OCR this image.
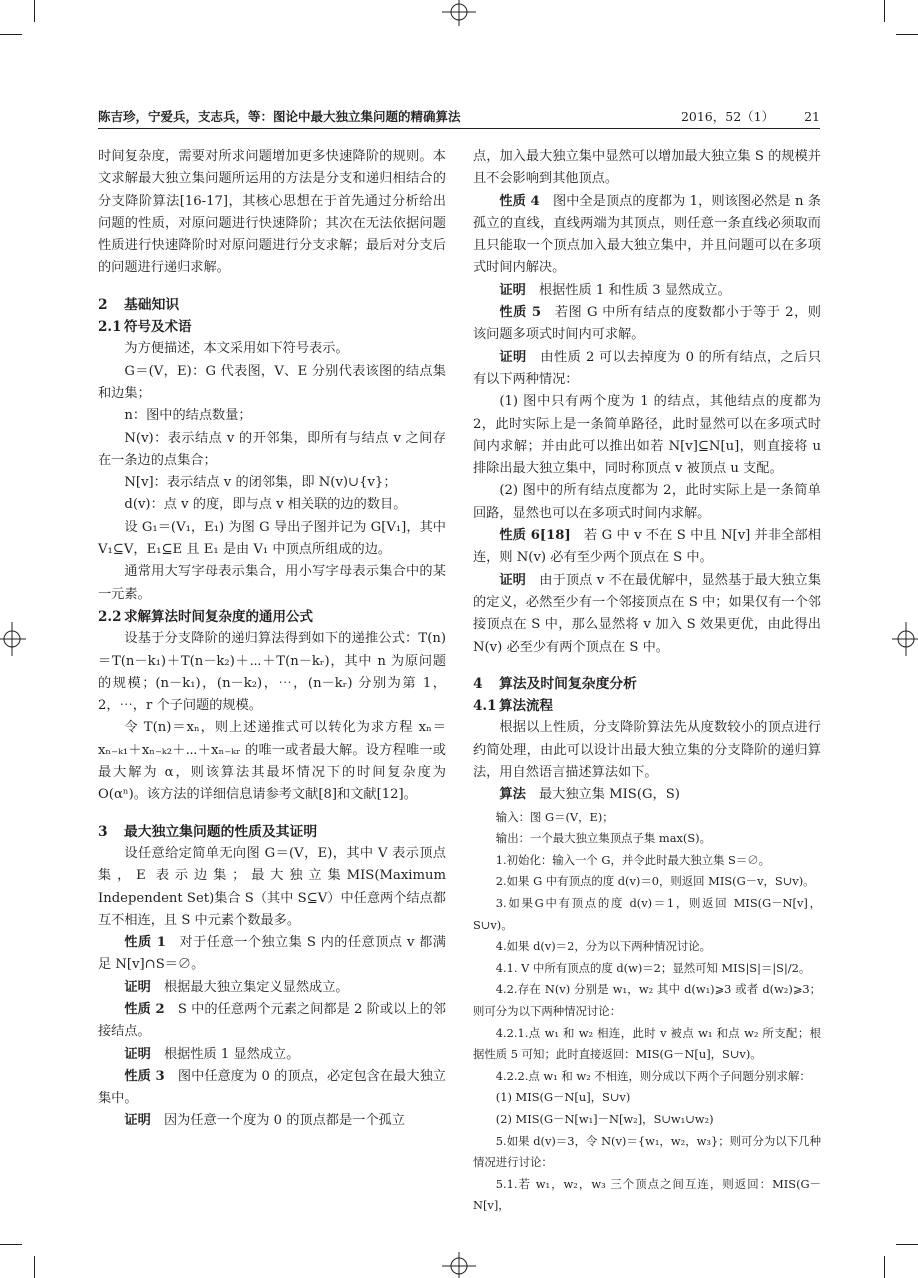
陈吉珍，宁爱兵，支志兵，等：图论中最大独立集问题的精确算法	2016，52（1） 21

时间复杂度，需要对所求问题增加更多快速降阶的规则。本文求解最大独立集问题所运用的方法是分支和递归相结合的分支降阶算法[16-17]，其核心思想在于首先通过分析给出问题的性质，对原问题进行快速降阶；其次在无法依据问题性质进行快速降阶时对原问题进行分支求解；最后对分支后的问题进行递归求解。

2 基础知识
2.1 符号及术语

为方便描述，本文采用如下符号表示。

G＝(V，E)：G 代表图，V、E 分别代表该图的结点集和边集；

n：图中的结点数量；

N(v)：表示结点 v 的开邻集，即所有与结点 v 之间存在一条边的点集合；

N[v]：表示结点 v 的闭邻集，即 N(v)∪{v}；

d(v)：点 v 的度，即与点 v 相关联的边的数目。

设 G₁＝(V₁，E₁) 为图 G 导出子图并记为 G[V₁]，其中 V₁⊆V，E₁⊆E 且 E₁ 是由 V₁ 中顶点所组成的边。

通常用大写字母表示集合，用小写字母表示集合中的某一元素。

2.2 求解算法时间复杂度的通用公式

设基于分支降阶的递归算法得到如下的递推公式：T(n)＝T(n－k₁)＋T(n－k₂)＋⋯＋T(n－kᵣ)，其中 n 为原问题的规模；(n－k₁)，(n－k₂)，⋯，(n－kᵣ) 分别为第 1，2，⋯，r 个子问题的规模。

令 T(n)＝xₙ，则上述递推式可以转化为求方程 xₙ＝xₙ₋ₖ₁＋xₙ₋ₖ₂＋⋯＋xₙ₋ₖᵣ 的唯一或者最大解。设方程唯一或最大解为 α，则该算法其最坏情况下的时间复杂度为 O(αⁿ)。该方法的详细信息请参考文献[8]和文献[12]。

3 最大独立集问题的性质及其证明

设任意给定简单无向图 G＝(V，E)，其中 V 表示顶点集，E 表示边集；最大独立集MIS(Maximum Independent Set)集合 S（其中 S⊆V）中任意两个结点都互不相连，且 S 中元素个数最多。

性质 1  对于任意一个独立集 S 内的任意顶点 v 都满足 N[v]∩S＝∅。

证明  根据最大独立集定义显然成立。

性质 2  S 中的任意两个元素之间都是 2 阶或以上的邻接结点。

证明  根据性质 1 显然成立。

性质 3  图中任意度为 0 的顶点，必定包含在最大独立集中。

证明  因为任意一个度为 0 的顶点都是一个孤立

点，加入最大独立集中显然可以增加最大独立集 S 的规模并且不会影响到其他顶点。

性质 4  图中全是顶点的度都为 1，则该图必然是 n 条孤立的直线，直线两端为其顶点，则任意一条直线必须取而且只能取一个顶点加入最大独立集中，并且问题可以在多项式时间内解决。

证明  根据性质 1 和性质 3 显然成立。

性质 5  若图 G 中所有结点的度数都小于等于 2，则该问题多项式时间内可求解。

证明  由性质 2 可以去掉度为 0 的所有结点，之后只有以下两种情况：

(1) 图中只有两个度为 1 的结点，其他结点的度都为 2，此时实际上是一条简单路径，此时显然可以在多项式时间内求解；并由此可以推出如若 N[v]⊆N[u]，则直接将 u 排除出最大独立集中，同时称顶点 v 被顶点 u 支配。

(2) 图中的所有结点度都为 2，此时实际上是一条简单回路，显然也可以在多项式时间内求解。

性质 6[18]  若 G 中 v 不在 S 中且 N[v] 并非全部相连，则 N(v) 必有至少两个顶点在 S 中。

证明  由于顶点 v 不在最优解中，显然基于最大独立集的定义，必然至少有一个邻接顶点在 S 中；如果仅有一个邻接顶点在 S 中，那么显然将 v 加入 S 效果更优，由此得出 N(v) 必至少有两个顶点在 S 中。

4 算法及时间复杂度分析
4.1 算法流程

根据以上性质，分支降阶算法先从度数较小的顶点进行约简处理，由此可以设计出最大独立集的分支降阶的递归算法，用自然语言描述算法如下。

算法  最大独立集 MIS(G，S)

输入：图 G＝(V，E)；

输出：一个最大独立集顶点子集 max(S)。

1.初始化：输入一个 G，并令此时最大独立集 S＝∅。

2.如果 G 中有顶点的度 d(v)＝0，则返回 MIS(G－v，S∪v)。

3.如果G中有顶点的度 d(v)＝1，则返回 MIS(G－N[v]，S∪v)。

4.如果 d(v)＝2，分为以下两种情况讨论。

4.1. V 中所有顶点的度 d(w)＝2；显然可知 MIS|S|＝|S|/2。

4.2.存在 N(v) 分别是 w₁，w₂ 其中 d(w₁)⩾3 或者 d(w₂)⩾3；则可分为以下两种情况讨论：

4.2.1.点 w₁ 和 w₂ 相连，此时 v 被点 w₁ 和点 w₂ 所支配；根据性质 5 可知；此时直接返回：MIS(G－N[u]，S∪v)。

4.2.2.点 w₁ 和 w₂ 不相连，则分成以下两个子问题分别求解：

(1) MIS(G－N[u]，S∪v)

(2) MIS(G－N[w₁]－N[w₂]，S∪w₁∪w₂)

5.如果 d(v)＝3，令 N(v)＝{w₁，w₂，w₃}；则可分为以下几种情况进行讨论：

5.1.若 w₁，w₂，w₃ 三个顶点之间互连，则返回：MIS(G－N[v]，
